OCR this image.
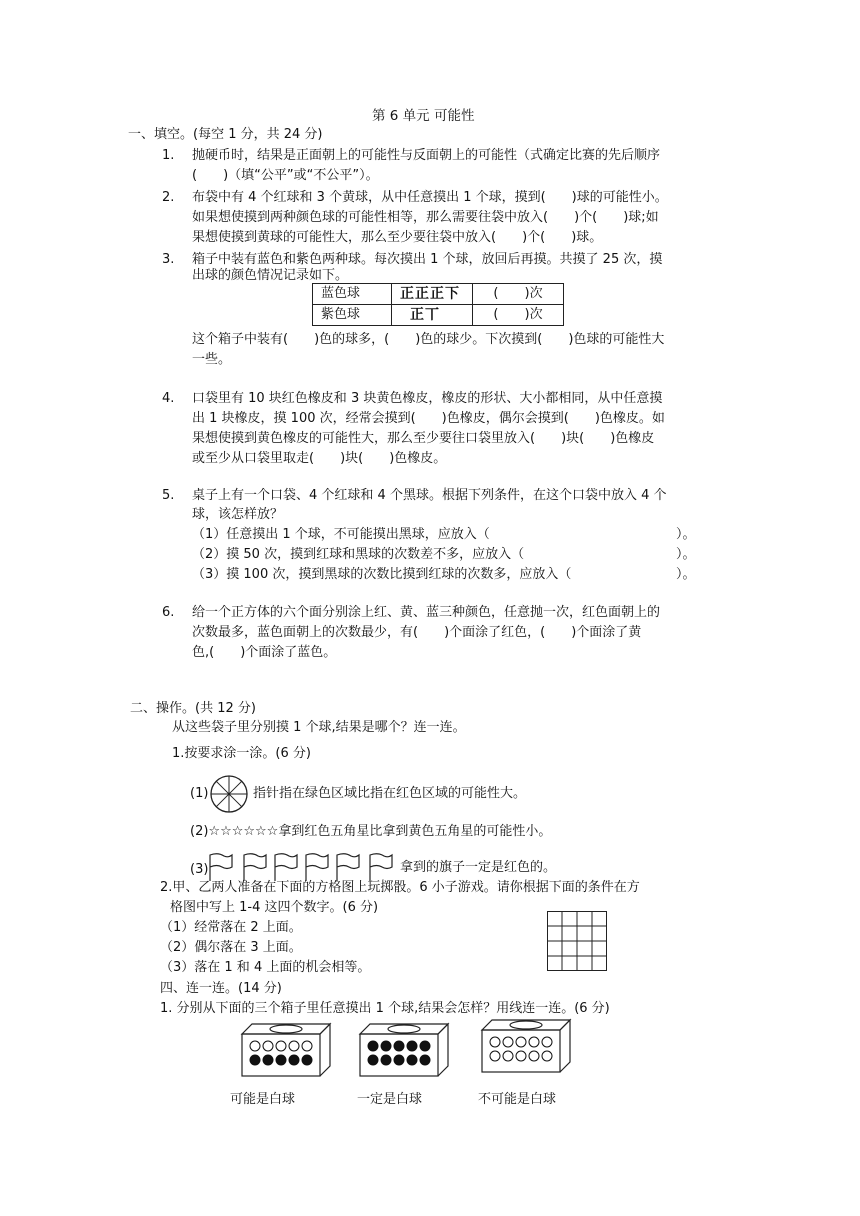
第 6 单元 可能性
一、填空。(每空 1 分，共 24 分)
1. 抛硬币时，结果是正面朝上的可能性与反面朝上的可能性（式确定比赛的先后顺序
(　　)（填“公平”或“不公平”）。
2. 布袋中有 4 个红球和 3 个黄球，从中任意摸出 1 个球，摸到(　　)球的可能性小。
如果想使摸到两种颜色球的可能性相等，那么需要往袋中放入(　　)个(　　)球;如
果想使摸到黄球的可能性大，那么至少要往袋中放入(　　)个(　　)球。
3. 箱子中装有蓝色和紫色两种球。每次摸出 1 个球，放回后再摸。共摸了 25 次，摸
出球的颜色情况记录如下。
蓝色球	正正正下	(　　)次
紫色球	正丅	(　　)次
这个箱子中装有(　　)色的球多，(　　)色的球少。下次摸到(　　)色球的可能性大
一些。
4. 口袋里有 10 块红色橡皮和 3 块黄色橡皮，橡皮的形状、大小都相同，从中任意摸
出 1 块橡皮，摸 100 次，经常会摸到(　　)色橡皮，偶尔会摸到(　　)色橡皮。如
果想使摸到黄色橡皮的可能性大，那么至少要往口袋里放入(　　)块(　　)色橡皮
或至少从口袋里取走(　　)块(　　)色橡皮。
5. 桌子上有一个口袋、4 个红球和 4 个黑球。根据下列条件，在这个口袋中放入 4 个
球，该怎样放？
（1）任意摸出 1 个球，不可能摸出黑球，应放入（	）。
（2）摸 50 次，摸到红球和黑球的次数差不多，应放入（	）。
（3）摸 100 次，摸到黑球的次数比摸到红球的次数多，应放入（	）。
6. 给一个正方体的六个面分别涂上红、黄、蓝三种颜色，任意抛一次，红色面朝上的
次数最多，蓝色面朝上的次数最少，有(　　)个面涂了红色，(　　)个面涂了黄
色,(　　)个面涂了蓝色。
二、操作。(共 12 分)
从这些袋子里分别摸 1 个球,结果是哪个？连一连。
1.按要求涂一涂。(6 分)
(1)	指针指在绿色区域比指在红色区域的可能性大。
(2)☆☆☆☆☆☆拿到红色五角星比拿到黄色五角星的可能性小。
(3)	拿到的旗子一定是红色的。
2.甲、乙两人准备在下面的方格图上玩掷骰。6 小子游戏。请你根据下面的条件在方
格图中写上 1-4 这四个数字。(6 分)
（1）经常落在 2 上面。
（2）偶尔落在 3 上面。
（3）落在 1 和 4 上面的机会相等。
四、连一连。(14 分)
1. 分别从下面的三个箱子里任意摸出 1 个球,结果会怎样？用线连一连。(6 分)
可能是白球	一定是白球	不可能是白球
